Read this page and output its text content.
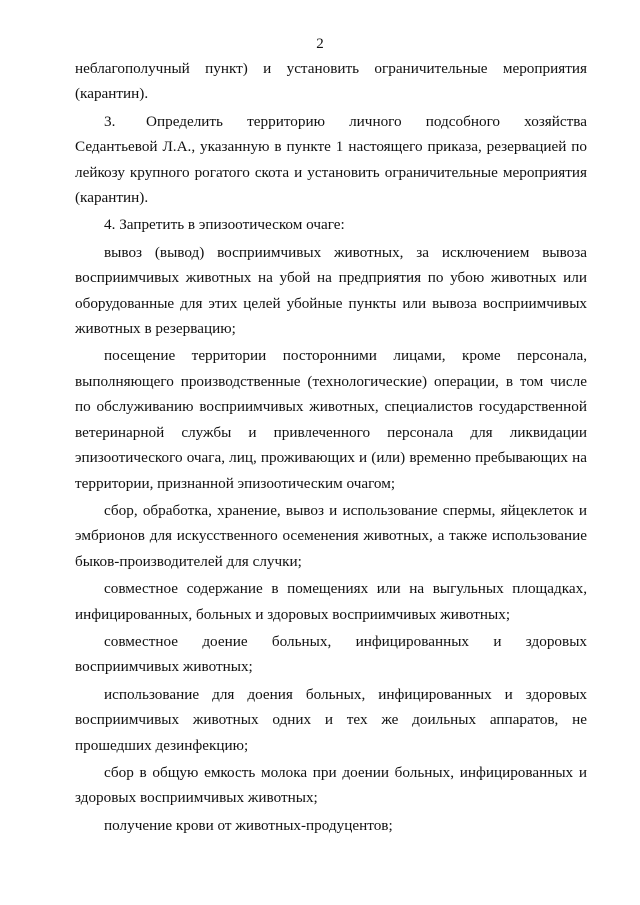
2

неблагополучный пункт) и установить ограничительные мероприятия (карантин).

3. Определить территорию личного подсобного хозяйства Седантьевой Л.А., указанную в пункте 1 настоящего приказа, резервацией по лейкозу крупного рогатого скота и установить ограничительные мероприятия (карантин).

4. Запретить в эпизоотическом очаге:

вывоз (вывод) восприимчивых животных, за исключением вывоза восприимчивых животных на убой на предприятия по убою животных или оборудованные для этих целей убойные пункты или вывоза восприимчивых животных в резервацию;

посещение территории посторонними лицами, кроме персонала, выполняющего производственные (технологические) операции, в том числе по обслуживанию восприимчивых животных, специалистов государственной ветеринарной службы и привлеченного персонала для ликвидации эпизоотического очага, лиц, проживающих и (или) временно пребывающих на территории, признанной эпизоотическим очагом;

сбор, обработка, хранение, вывоз и использование спермы, яйцеклеток и эмбрионов для искусственного осеменения животных, а также использование быков-производителей для случки;

совместное содержание в помещениях или на выгульных площадках, инфицированных, больных и здоровых восприимчивых животных;

совместное доение больных, инфицированных и здоровых восприимчивых животных;

использование для доения больных, инфицированных и здоровых восприимчивых животных одних и тех же доильных аппаратов, не прошедших дезинфекцию;

сбор в общую емкость молока при доении больных, инфицированных и здоровых восприимчивых животных;

получение крови от животных-продуцентов;
